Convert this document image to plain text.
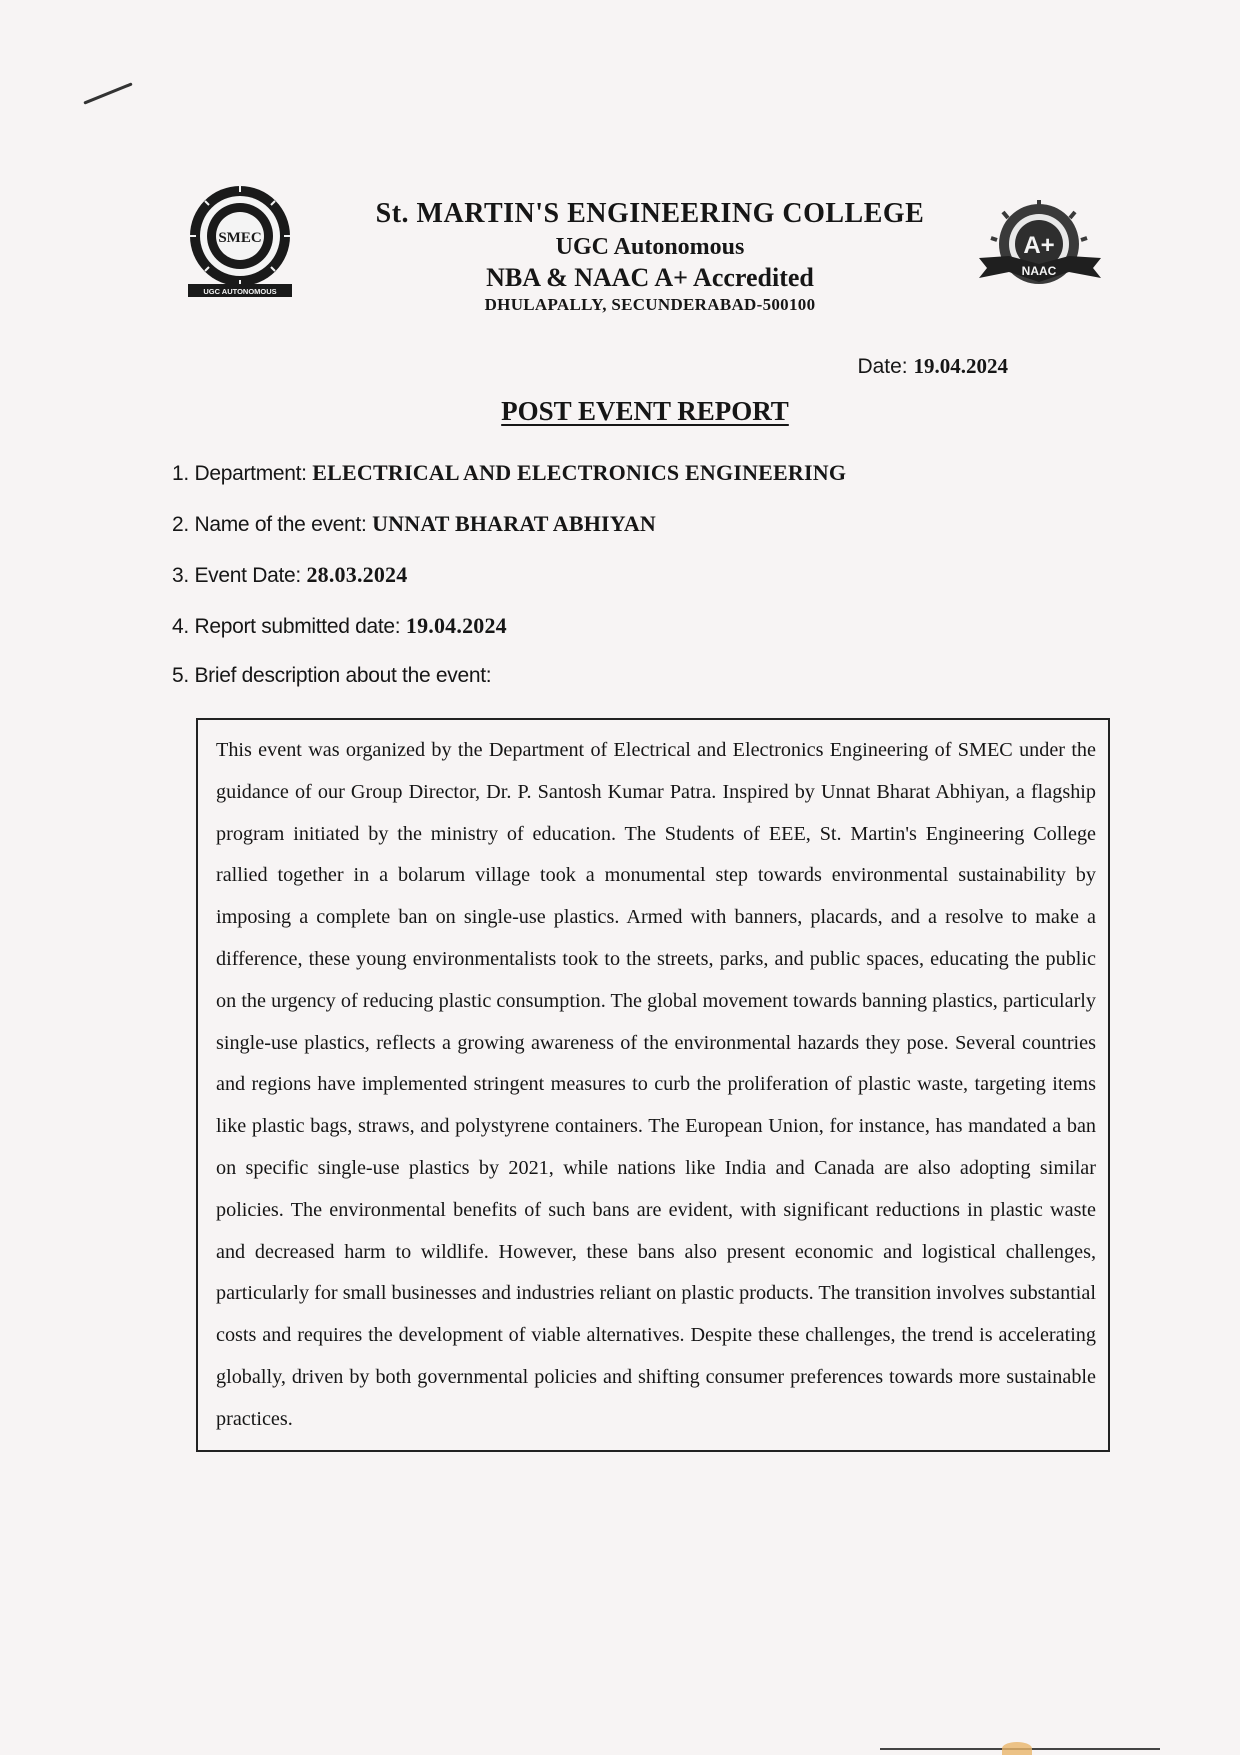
SMEC
UGC AUTONOMOUS
St. MARTIN'S ENGINEERING COLLEGE
UGC Autonomous
NBA & NAAC A+ Accredited
DHULAPALLY, SECUNDERABAD-500100
A+
NAAC
Date: 19.04.2024
POST EVENT REPORT
1. Department: ELECTRICAL AND ELECTRONICS ENGINEERING
2. Name of the event: UNNAT BHARAT ABHIYAN
3. Event Date: 28.03.2024
4. Report submitted date: 19.04.2024
5. Brief description about the event:

This event was organized by the Department of Electrical and Electronics Engineering of SMEC under the guidance of our Group Director, Dr. P. Santosh Kumar Patra. Inspired by Unnat Bharat Abhiyan, a flagship program initiated by the ministry of education. The Students of EEE, St. Martin's Engineering College rallied together in a bolarum village took a monumental step towards environmental sustainability by imposing a complete ban on single-use plastics. Armed with banners, placards, and a resolve to make a difference, these young environmentalists took to the streets, parks, and public spaces, educating the public on the urgency of reducing plastic consumption. The global movement towards banning plastics, particularly single-use plastics, reflects a growing awareness of the environmental hazards they pose. Several countries and regions have implemented stringent measures to curb the proliferation of plastic waste, targeting items like plastic bags, straws, and polystyrene containers. The European Union, for instance, has mandated a ban on specific single-use plastics by 2021, while nations like India and Canada are also adopting similar policies. The environmental benefits of such bans are evident, with significant reductions in plastic waste and decreased harm to wildlife. However, these bans also present economic and logistical challenges, particularly for small businesses and industries reliant on plastic products. The transition involves substantial costs and requires the development of viable alternatives. Despite these challenges, the trend is accelerating globally, driven by both governmental policies and shifting consumer preferences towards more sustainable practices.
